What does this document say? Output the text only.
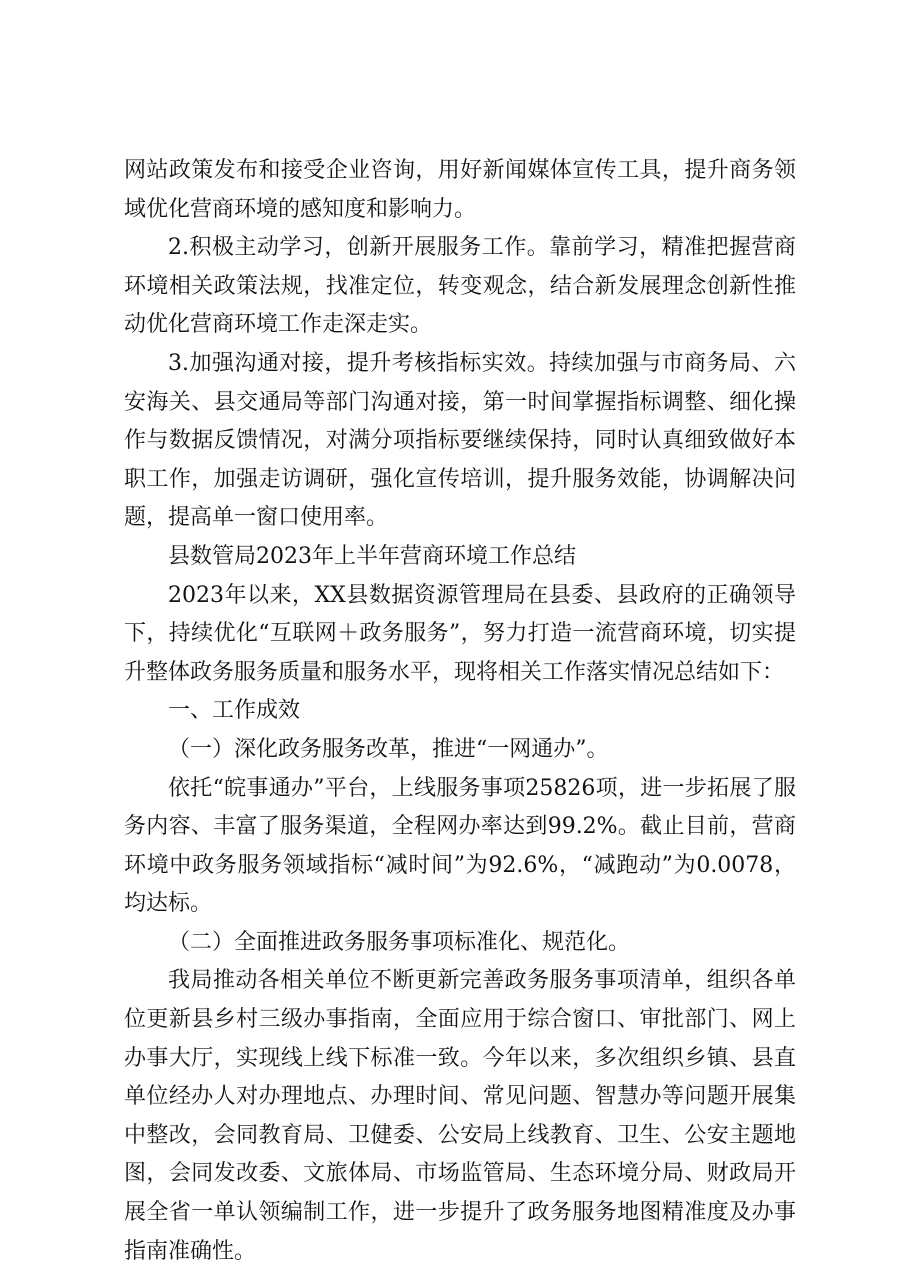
网站政策发布和接受企业咨询，用好新闻媒体宣传工具，提升商务领域优化营商环境的感知度和影响力。

2.积极主动学习，创新开展服务工作。靠前学习，精准把握营商环境相关政策法规，找准定位，转变观念，结合新发展理念创新性推动优化营商环境工作走深走实。

3.加强沟通对接，提升考核指标实效。持续加强与市商务局、六安海关、县交通局等部门沟通对接，第一时间掌握指标调整、细化操作与数据反馈情况，对满分项指标要继续保持，同时认真细致做好本职工作，加强走访调研，强化宣传培训，提升服务效能，协调解决问题，提高单一窗口使用率。

县数管局2023年上半年营商环境工作总结

2023年以来，XX县数据资源管理局在县委、县政府的正确领导下，持续优化“互联网＋政务服务”，努力打造一流营商环境，切实提升整体政务服务质量和服务水平，现将相关工作落实情况总结如下：

一、工作成效

（一）深化政务服务改革，推进“一网通办”。

依托“皖事通办”平台，上线服务事项25826项，进一步拓展了服务内容、丰富了服务渠道，全程网办率达到99.2%。截止目前，营商环境中政务服务领域指标“减时间”为92.6%，“减跑动”为0.0078，均达标。

（二）全面推进政务服务事项标准化、规范化。

我局推动各相关单位不断更新完善政务服务事项清单，组织各单位更新县乡村三级办事指南，全面应用于综合窗口、审批部门、网上办事大厅，实现线上线下标准一致。今年以来，多次组织乡镇、县直单位经办人对办理地点、办理时间、常见问题、智慧办等问题开展集中整改，会同教育局、卫健委、公安局上线教育、卫生、公安主题地图，会同发改委、文旅体局、市场监管局、生态环境分局、财政局开展全省一单认领编制工作，进一步提升了政务服务地图精准度及办事指南准确性。
